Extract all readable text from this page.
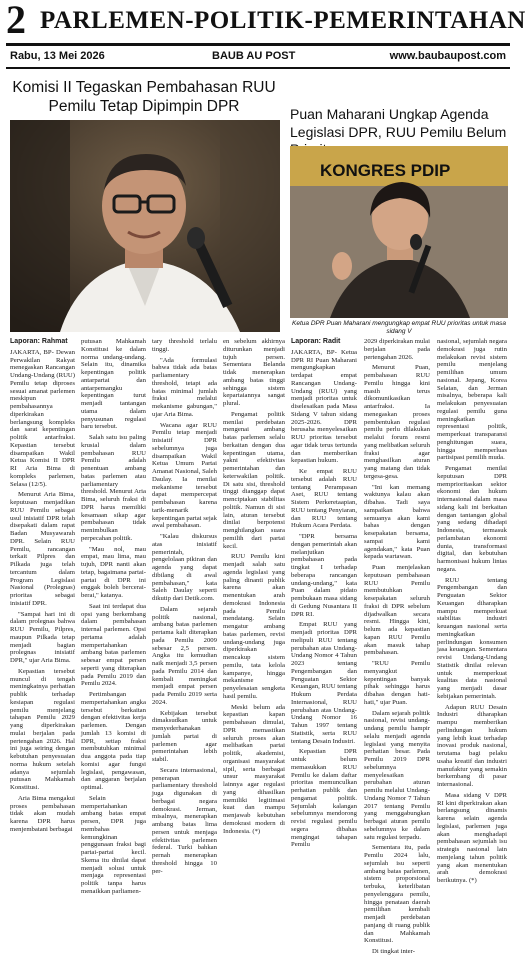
2 PARLEMEN-POLITIK-PEMERINTAHAN
Rabu, 13 Mei 2026	BAUB AU POST	www.baubaupost.com
Komisi II Tegaskan Pembahasan RUU Pemilu Tetap Dipimpin DPR	Puan Maharani Ungkap Agenda Legislasi DPR, RUU Pemilu Belum
KONGRES PDIP
Ketua DPR Puan Maharani mengungkap empat RUU prioritas untuk masa sidang V

Laporan: Rahmat

JAKARTA, BP- Dewan Perwakilan Rakyat menegaskan Rancangan Undang-Undang (RUU) Pemilu tetap diproses sesuai amanat parlemen meskipun pembahasannya diperkirakan berlangsung kompleks dan sarat kepentingan politik antarfraksi. Kepastian tersebut disampaikan Wakil Ketua Komisi II DPR RI Aria Bima di kompleks parlemen, Selasa (12/5).

Menurut Aria Bima, keputusan menjadikan RUU Pemilu sebagai usul inisiatif DPR telah disepakati dalam rapat Badan Musyawarah DPR. Selain RUU Pemilu, rancangan terkait Pilpres dan Pilkada juga telah tercantum dalam Program Legislasi Nasional (Prolegnas) prioritas sebagai inisiatif DPR.

"Sampai hari ini di dalam prolegnas bahwa RUU Pemilu, Pilpres, maupun Pilkada tetap menjadi bagian prolegnas inisiatif DPR," ujar Aria Bima.

Kepastian tersebut muncul di tengah meningkatnya perhatian publik terhadap kesiapan regulasi pemilu menjelang tahapan Pemilu 2029 yang diperkirakan mulai berjalan pada pertengahan 2026. Hal ini juga seiring dengan kebutuhan penyesuaian norma hukum setelah adanya sejumlah putusan Mahkamah Konstitusi.

Aria Bima mengakui proses pembahasan tidak akan mudah karena DPR harus menjembatani berbagai

putusan Mahkamah Konstitusi ke dalam norma undang-undang. Selain itu, dinamika kepentingan politik antarpartai dan antarpemangku kepentingan turut menjadi tantangan utama dalam penyusunan regulasi baru tersebut.

Salah satu isu paling krusial dalam pembahasan RUU Pemilu adalah penentuan ambang batas parlemen atau parliamentary threshold. Menurut Aria Bima, seluruh fraksi di DPR harus memiliki kesamaan sikap agar pembahasan tidak menimbulkan perpecahan politik.

"Mau nol, mau empat, mau lima, mau tujuh, DPR nanti akan tetap, bagaimana partai-partai di DPR ini enggak boleh bercerai-berai," katanya.

Saat ini terdapat dua opsi yang berkembang dalam pembahasan internal parlemen. Opsi pertama adalah mempertahankan ambang batas parlemen sebesar empat persen seperti yang diterapkan pada Pemilu 2019 dan Pemilu 2024.

Pertimbangan mempertahankan angka tersebut berkaitan dengan efektivitas kerja parlemen. Dengan jumlah 13 komisi di DPR, setiap fraksi membutuhkan minimal dua anggota pada tiap komisi agar fungsi legislasi, pengawasan, dan anggaran berjalan optimal.

Selain mempertahankan ambang batas empat persen, DPR juga membahas kemungkinan penggunaan fraksi bagi partai-partai kecil. Skema itu dinilai dapat menjadi solusi untuk menjaga representasi politik tanpa harus menaikkan parliamen-

tary threshold terlalu tinggi.

"Ada formulasi bahwa tidak ada batas parliamentary threshold, tetapi ada batas minimal jumlah fraksi melalui mekanisme gabungan," ujar Aria Bima.

Wacana agar RUU Pemilu tetap menjadi inisiatif DPR sebelumnya juga disampaikan Wakil Ketua Umum Partai Amanat Nasional, Saleh Daulay. Ia menilai mekanisme tersebut dapat mempercepat pembahasan karena tarik-menarik kepentingan partai sejak awal pembahasan.

"Kalau diskursus atas inisiatif pemerintah, pengelolaan pikiran dan agenda yang dapat dibilang di awal pembahasan," kata Saleh Daulay seperti dikutip dari Detik.com.

Dalam sejarah politik nasional, ambang batas parlemen pertama kali diterapkan pada Pemilu 2009 sebesar 2,5 persen. Angka itu kemudian naik menjadi 3,5 persen pada Pemilu 2014 dan kembali meningkat menjadi empat persen pada Pemilu 2019 serta 2024.

Kebijakan tersebut dimaksudkan untuk menyederhanakan jumlah partai di parlemen agar pemerintahan lebih stabil.

Secara internasional, penerapan parliamentary threshold juga digunakan di berbagai negara demokrasi. Jerman, misalnya, menerapkan ambang batas lima persen untuk menjaga efektivitas parlemen federal. Turki bahkan pernah menerapkan threshold hingga 10 per-

en sebelum akhirnya diturunkan menjadi tujuh persen. Sementara Belanda tidak menerapkan ambang batas tinggi sehingga sistem kepartaiannya sangat plural.

Pengamat politik menilai perdebatan mengenai ambang batas parlemen selalu berkaitan dengan dua kepentingan utama, yakni efektivitas pemerintahan dan keterwakilan politik. Di satu sisi, threshold tinggi dianggap dapat menciptakan stabilitas politik. Namun di sisi lain, aturan tersebut dinilai berpotensi menghilangkan suara pemilih dari partai kecil.

RUU Pemilu kini menjadi salah satu agenda legislasi yang paling dinanti publik karena akan menentukan arah demokrasi Indonesia pada Pemilu mendatang. Selain mengatur ambang batas parlemen, revisi undang-undang juga diperkirakan mencakup sistem pemilu, tata kelola kampanye, hingga mekanisme penyelesaian sengketa hasil pemilu.

Meski belum ada kepastian kapan pembahasan dimulai, DPR memastikan seluruh proses akan melibatkan partai politik, akademisi, organisasi masyarakat sipil, serta berbagai unsur masyarakat lainnya agar regulasi yang dihasilkan memiliki legitimasi kuat dan mampu menjawab kebutuhan demokrasi modern di Indonesia. (*)

Laporan: Radit

JAKARTA, BP- Ketua DPR RI Puan Maharani mengungkapkan terdapat empat Rancangan Undang-Undang (RUU) yang menjadi prioritas untuk diselesaikan pada Masa Sidang V tahun sidang 2025-2026. DPR berusaha menyelesaikan RUU prioritas tersebut agar tidak terus tertunda dan memberikan kepastian hukum.

Ke empat RUU tersebut adalah RUU tentang Perampasan Aset, RUU tentang Sistem Perkeretaapian, RUU tentang Penyiaran, dan RUU tentang Hukum Acara Perdata.

"DPR bersama dengan pemerintah akan melanjutkan pembahasan pada tingkat I terhadap beberapa rancangan undang-undang," kata Puan dalam pidato pembukaan masa sidang di Gedung Nusantara II DPR RI.

Empat RUU yang menjadi prioritas DPR melipuli RUU tentang perubahan atas Undang-Undang Nomor 4 Tahun 2023 tentang Pengembangan dan Penguatan Sektor Keuangan, RUU tentang Hukum Perdata Internasional, RUU perubahan atas Undang-Undang Nomor 16 Tahun 1997 tentang Statistik, serta RUU tentang Desain Industri.

Kepastian DPR untuk belum memasukkan RUU Pemilu ke dalam daftar prioritas memunculkan perhatian publik dan pengamat politik. Sejumlah kalangan sebelumnya mendorong revisi regulasi pemilu segera dibahas mengingat tahapan Pemilu

2029 diperkirakan mulai berjalan pada pertengahan 2026.

Menurut Puan, pembahasan RUU Pemilu hingga kini masih terus dikomunikasikan antarfraksi. Ia menegaskan proses pembentukan regulasi pemilu perlu dilakukan melalui forum resmi yang melibatkan seluruh fraksi agar menghasilkan aturan yang matang dan tidak tergesa-gesa.

"Ini kan memang waktunya kalau akan dibahas. Tadi saya sampaikan bahwa semuanya akan kami bahas dengan kesepakatan bersama, sampai kami agendakan," kata Puan kepada wartawan.

Puan menjelaskan keputusan pembahasan RUU Pemilu membutuhkan kesepakatan seluruh fraksi di DPR sebelum dijadwalkan secara resmi. Hingga kini, belum ada kepastian kapan RUU Pemilu akan masuk tahap pembahasan.

"RUU Pemilu menyangkut kepentingan banyak pihak sehingga harus dibahas dengan hati-hati," ujar Puan.

Dalam sejarah politik nasional, revisi undang-undang pemilu hampir selalu menjadi agenda legislasi yang menyita perhatian besar. Pada Pemilu 2019 DPR sebelumnya menyelesaikan perubahan aturan pemilu melalui Undang-Undang Nomor 7 Tahun 2017 tentang Pemilu yang menggabungkan berbagai aturan pemilu sebelumnya ke dalam satu regulasi terpadu.

Sementara itu, pada Pemilu 2024 lalu, sejumlah isu seperti ambang batas parlemen, sistem proporsional terbuka, keterlibatan penyelenggara pemilu, hingga penataan daerah pemilihan kembali menjadi perdebatan panjang di ruang publik dan Mahkamah Konstitusi.

Di tingkat inter-

nasional, sejumlah negara demokrasi juga rutin melakukan revisi sistem pemilu menjelang pemilihan umum nasional. Jepang, Korea Selatan, dan Jerman misalnya, beberapa kali melakukan penyesuaian regulasi pemilu guna meningkatkan representasi politik, memperkuat transparansi penghitungan suara, hingga memperluas partisipasi pemilih muda.

Pengamat menilai keputusan DPR memprioritaskan sektor ekonomi dan hukum internasional dalam masa sidang kali ini berkaitan dengan tantangan global yang sedang dihadapi Indonesia, termasuk perlambatan ekonomi dunia, transformasi digital, dan kebutuhan harmonisasi hukum lintas negara.

RUU tentang Pengembangan dan Penguatan Sektor Keuangan diharapkan mampu memperkuat stabilitas industri keuangan nasional serta meningkatkan perlindungan konsumen jasa keuangan. Sementara revisi Undang-Undang Statistik dinilai relevan untuk memperkuat kualitas data nasional yang menjadi dasar kebijakan pemerintah.

Adapun RUU Desain Industri diharapkan mampu memberikan perlindungan hukum yang lebih kuat terhadap inovasi produk nasional, terutama bagi pelaku usaha kreatif dan industri manufaktur yang semakin berkembang di pasar internasional.

Masa sidang V DPR RI kini diperkirakan akan berlangsung dinamis karena selain agenda legislasi, parlemen juga akan menghadapi pembahasan sejumlah isu strategis nasional lain menjelang tahun politik yang akan menentukan arah demokrasi berikutnya. (*)
